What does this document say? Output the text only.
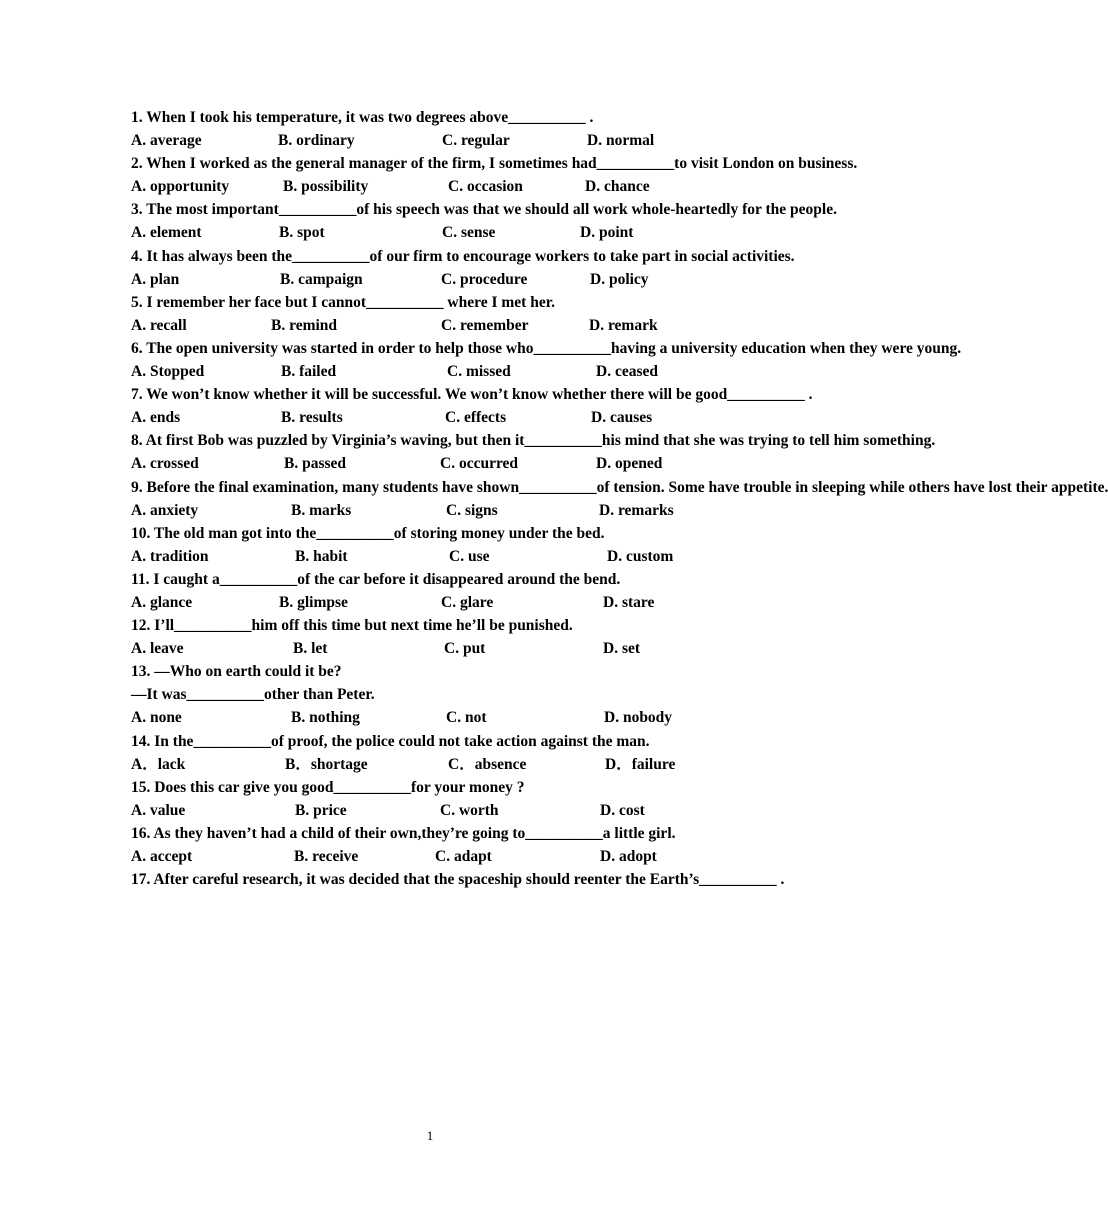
1. When I took his temperature, it was two degrees above__________ .
A. average	B. ordinary	C. regular	D. normal
2. When I worked as the general manager of the firm, I sometimes had__________to visit London on business.
A. opportunity	B. possibility	C. occasion	D. chance
3. The most important__________of his speech was that we should all work whole-heartedly for the people.
A. element	B. spot	C. sense	D. point
4. It has always been the__________of our firm to encourage workers to take part in social activities.
A. plan	B. campaign	C. procedure	D. policy
5. I remember her face but I cannot__________ where I met her.
A. recall	B. remind	C. remember	D. remark
6. The open university was started in order to help those who__________having a university education when they were young.
A. Stopped	B. failed	C. missed	D. ceased
7. We won’t know whether it will be successful. We won’t know whether there will be good__________ .
A. ends	B. results	C. effects	D. causes
8. At first Bob was puzzled by Virginia’s waving, but then it__________his mind that she was trying to tell him something.
A. crossed	B. passed	C. occurred	D. opened
9. Before the final examination, many students have shown__________of tension. Some have trouble in sleeping while others have lost their appetite.
A. anxiety	B. marks	C. signs	D. remarks
10. The old man got into the__________of storing money under the bed.
A. tradition	B. habit	C. use	D. custom
11. I caught a__________of the car before it disappeared around the bend.
A. glance	B. glimpse	C. glare	D. stare
12. I’ll__________him off this time but next time he’ll be punished.
A. leave	B. let	C. put	D. set
13. —Who on earth could it be?
—It was__________other than Peter.
A. none	B. nothing	C. not	D. nobody
14. In the__________of proof, the police could not take action against the man.
A．lack	B．shortage	C．absence	D．failure
15. Does this car give you good__________for your money ?
A. value	B. price	C. worth	D. cost
16. As they haven’t had a child of their own,they’re going to__________a little girl.
A. accept	B. receive	C. adapt	D. adopt
17. After careful research, it was decided that the spaceship should reenter the Earth’s__________ .
1
